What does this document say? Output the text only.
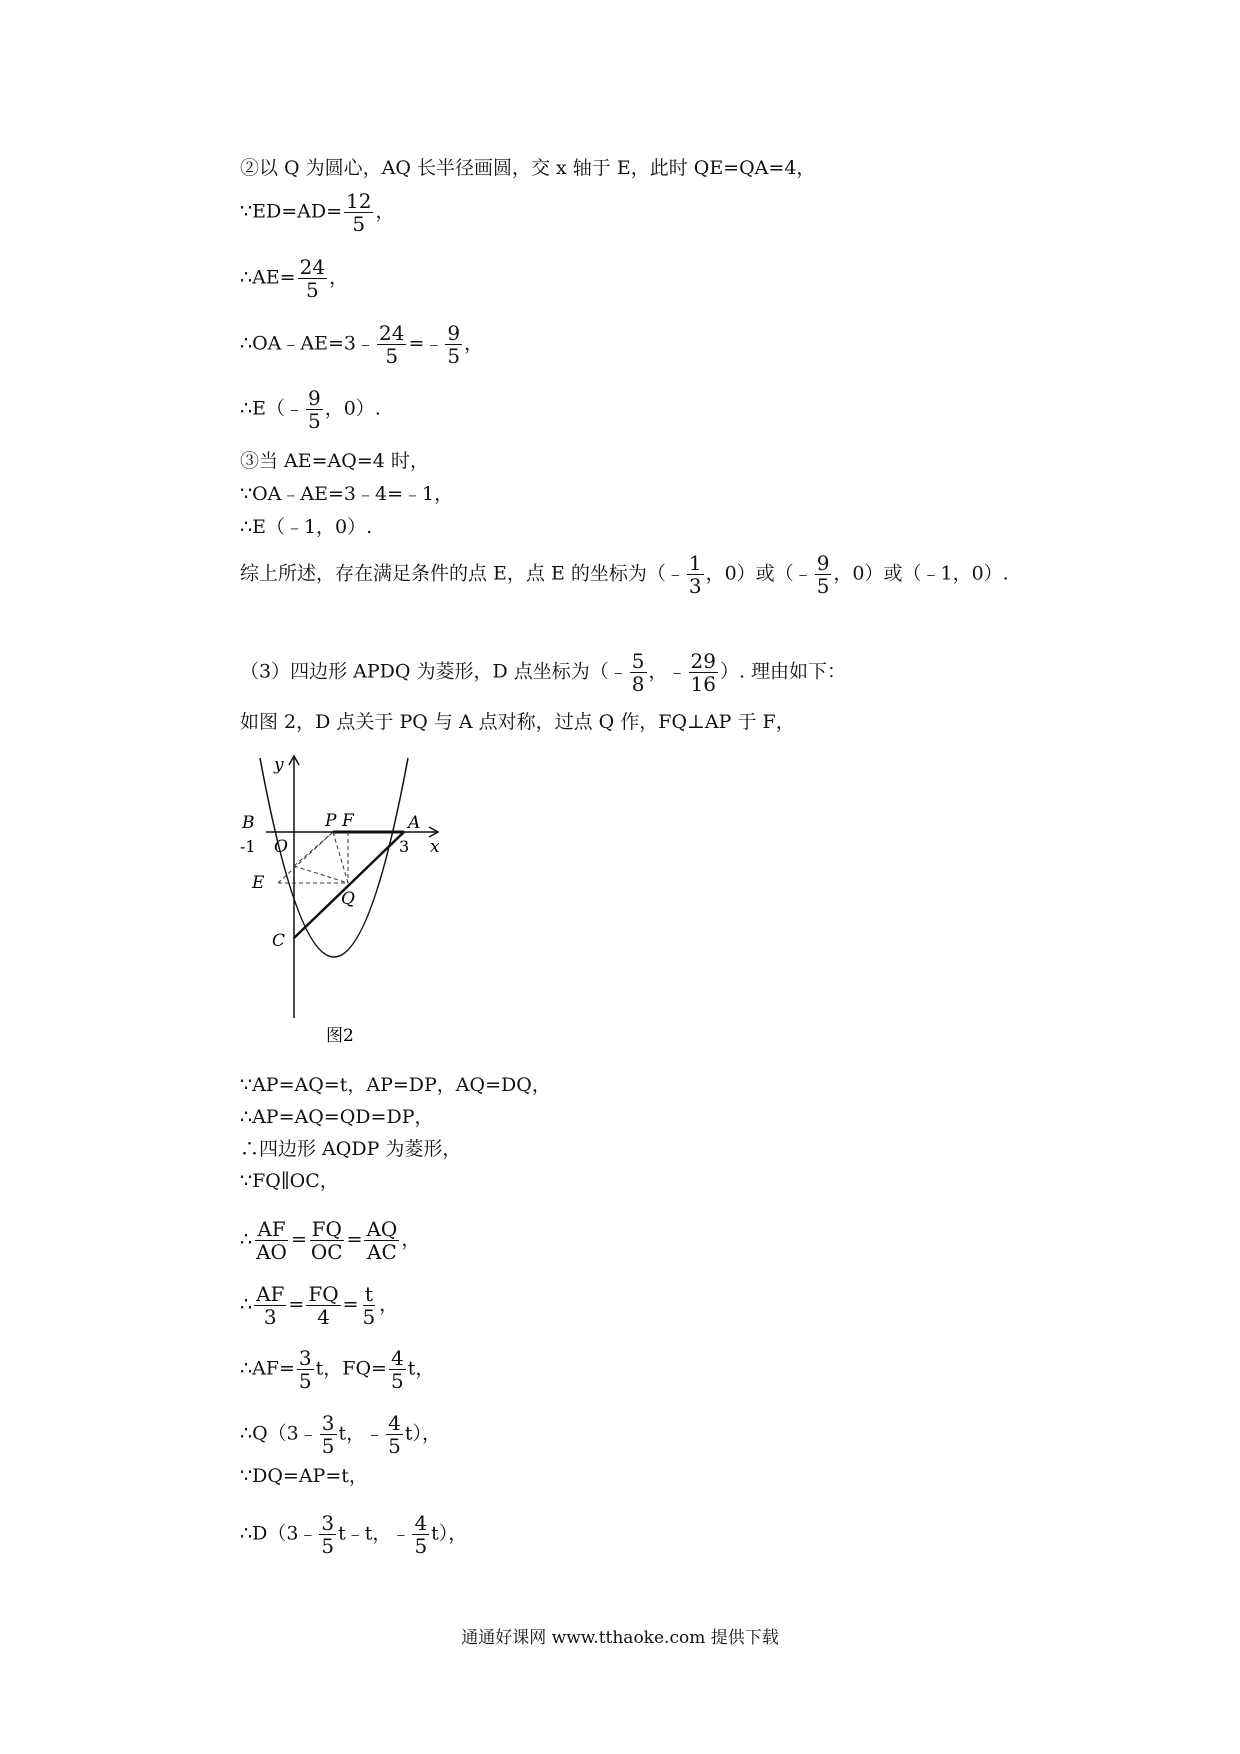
②以 Q 为圆心，AQ 长半径画圆，交 x 轴于 E，此时 QE=QA=4，
∵ED=AD= $\frac{12}{5}$ ，
∴AE= $\frac{24}{5}$ ，
∴OA﹣AE=3﹣ $\frac{24}{5}$ =﹣ $\frac{9}{5}$ ，
∴E（﹣ $\frac{9}{5}$ ，0）.
③当 AE=AQ=4 时，
∵OA﹣AE=3﹣4=﹣1，
∴E（﹣1，0）.
综上所述，存在满足条件的点 E，点 E 的坐标为（﹣ $\frac{1}{3}$ ，0）或（﹣ $\frac{9}{5}$ ，0）或（﹣1，0）.
（3）四边形 APDQ 为菱形，D 点坐标为（﹣ $\frac{5}{8}$ ，﹣ $\frac{29}{16}$ ）. 理由如下：
如图 2，D 点关于 PQ 与 A 点对称，过点 Q 作，FQ⊥AP 于 F，
y
x
B	P F	A
-1 O	3
E
Q
C
图2
∵AP=AQ=t，AP=DP，AQ=DQ，
∴AP=AQ=QD=DP，
∴四边形 AQDP 为菱形，
∵FQ∥OC，
∴ $\frac{AF}{AO} = \frac{FQ}{OC} = \frac{AQ}{AC}$ ，
∴ $\frac{AF}{3} = \frac{FQ}{4} = \frac{t}{5}$ ，
∴AF= $\frac{3}{5}$ t，$FQ= \frac{4}{5}$ t，
∴Q（3﹣ $\frac{3}{5}$ t，﹣ $\frac{4}{5} t$），
∵DQ=AP=t，
∴D（3﹣ $\frac{3}{5}$ t﹣t，﹣ $\frac{4}{5} t$），
通通好课网 www.tthaoke.com 提供下载
